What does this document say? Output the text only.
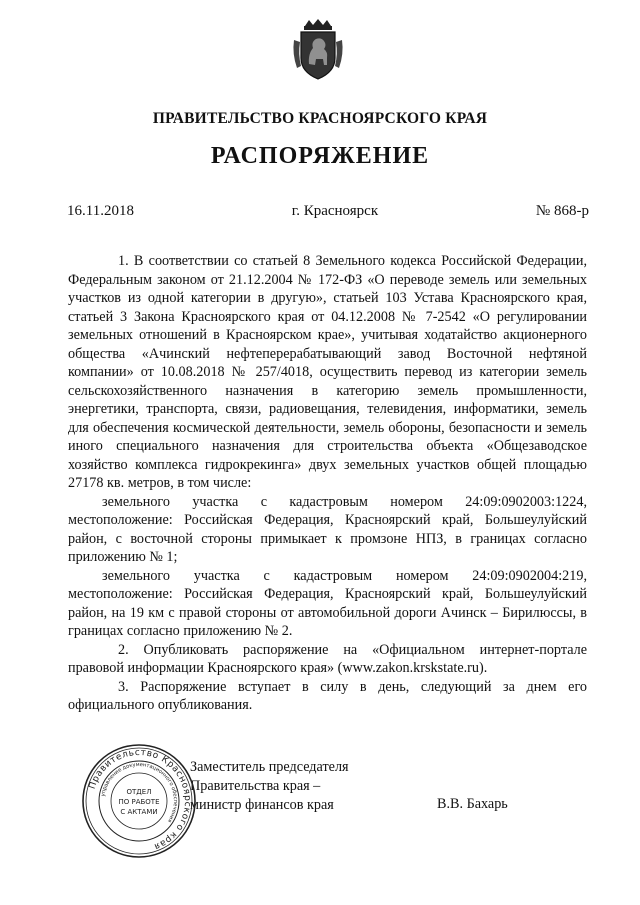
ПРАВИТЕЛЬСТВО КРАСНОЯРСКОГО КРАЯ
РАСПОРЯЖЕНИЕ
16.11.2018	г. Красноярск	№ 868-р

1. В соответствии со статьей 8 Земельного кодекса Российской Федерации, Федеральным законом от 21.12.2004 № 172-ФЗ «О переводе земель или земельных участков из одной категории в другую», статьей 103 Устава Красноярского края, статьей 3 Закона Красноярского края от 04.12.2008 № 7-2542 «О регулировании земельных отношений в Красноярском крае», учитывая ходатайство акционерного общества «Ачинский нефтеперерабатывающий завод Восточной нефтяной компании» от 10.08.2018 № 257/4018, осуществить перевод из категории земель сельскохозяйственного назначения в категорию земель промышленности, энергетики, транспорта, связи, радиовещания, телевидения, информатики, земель для обеспечения космической деятельности, земель обороны, безопасности и земель иного специального назначения для строительства объекта «Общезаводское хозяйство комплекса гидрокрекинга» двух земельных участков общей площадью 27178 кв. метров, в том числе:

земельного участка с кадастровым номером 24:09:0902003:1224, местоположение: Российская Федерация, Красноярский край, Большеулуйский район, с восточной стороны примыкает к промзоне НПЗ, в границах согласно приложению № 1;

земельного участка с кадастровым номером 24:09:0902004:219, местоположение: Российская Федерация, Красноярский край, Большеулуйский район, на 19 км с правой стороны от автомобильной дороги Ачинск – Бирилюссы, в границах согласно приложению № 2.

2. Опубликовать распоряжение на «Официальном интернет-портале правовой информации Красноярского края» (www.zakon.krskstate.ru).

3. Распоряжение вступает в силу в день, следующий за днем его официального опубликования.

Заместитель председателя
Правительства края –
министр финансов края	В.В. Бахарь
Правительство Красноярского края
управление документационного обеспечения
ОТДЕЛ
ПО РАБОТЕ
С АКТАМИ
